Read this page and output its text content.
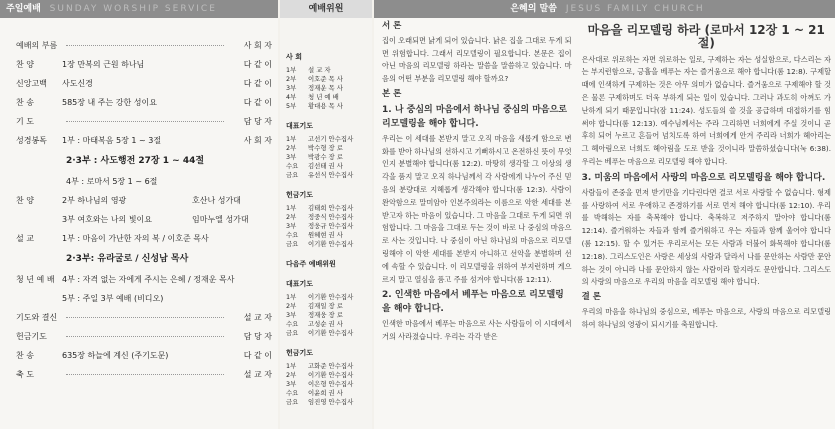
주일예배 SUNDAY WORSHIP SERVICE
예배의 부름	사 회 자
찬 양	1장 만복의 근원 하나님	다 같 이
신앙고백	사도신경	다 같 이
찬 송	585장 내 주는 강한 성이요	다 같 이
기 도	담 당 자
성경봉독	1부 : 마태복음 5장 1 ~ 3절	사 회 자
2·3부 : 사도행전 27장 1 ~ 44절
4부 : 로마서 5장 1 ~ 6절
찬 양	2부 하나님의 영광	호산나 성가대
3부 여호와는 나의 빛이요	임마누엘 성가대
설 교	1부 : 마음이 가난한 자의 복 / 이호준 목사
2·3부: 유라굴로 / 신성남 목사
청 년 예 배 4부 : 자격 없는 자에게 주시는 은혜 / 정재운 목사
5부 : 주일 3부 예배 (비디오)
기도와 결신	설 교 자
헌금기도	담 당 자
찬 송	635장 하늘에 계신 (주기도문)	다 같 이
축 도	설 교 자
예배위원
사 회
1부	설 교 자
2부	이호준 목 사
3부	정재운 목 사
4부	청 년 예 배
5부	황대용 목 사
대표기도
1부	고선기 안수집사
2부	박수형 장 로
3부	박광수 장 로
수요	김선태 권 사
금요	유선식 안수집사
헌금기도
1부	김태희 안수집사
2부	정중식 안수집사
3부	정웅규 안수집사
수요	원혜현 권 사
금요	이기환 안수집사
다음주 예배위원
대표기도
1부	이기환 안수집사
2부	김재일 장 로
3부	정재웅 장 로
수요	고성순 권 사
금요	이기환 안수집사
헌금기도
1부	고화준 안수집사
2부	이기환 안수집사
3부	이은형 안수집사
수요	이윤희 권 사
금요	임진영 안수집사
은혜의 말씀 JESUS FAMILY CHURCH
서 론

집이 오래되면 낡게 되어 있습니다. 낡은 집을 그대로 두게 되면 위험합니다. 그래서 리모델링이 필요합니다. 본문은 집이 아닌 마음의 리모델링 하라는 말씀을 말씀하고 있습니다. 마음의 어떤 부분을 리모델링 해야 할까요?

본 론
1. 나 중심의 마음에서 하나님 중심의 마음으로 리모델링을 해야 합니다.

우리는 이 세대를 본받지 말고 오직 마음을 새롭게 함으로 변화를 받아 하나님의 선하시고 기뻐하시고 온전하신 뜻이 무엇인지 분별해야 합니다(롬 12:2). 마땅히 생각할 그 이상의 생각을 품지 말고 오직 하나님께서 각 사람에게 나누어 주신 믿음의 분량대로 지혜롭게 생각해야 합니다(롬 12:3). 사람이 완악함으로 말미암아 인본주의라는 이름으로 악한 세대를 본받고자 하는 마음이 있습니다. 그 마음을 그대로 두게 되면 위험합니다. 그 마음을 그대로 두는 것이 바로 나 중심의 마음으로 사는 것입니다. 나 중심이 아닌 하나님의 마음으로 리모델링해야 이 악한 세대를 본받지 아니하고 선악을 분별하며 선에 속할 수 있습니다. 이 리모델링을 위하여 부지런하며 게으르지 말고 열심을 품고 주를 섬겨야 합니다(롬 12:11).

2. 인색한 마음에서 베푸는 마음으로 리모델링을 해야 합니다.

인색한 마음에서 베푸는 마음으로 사는 사람들이 이 시대에서 거의 사라졌습니다. 우리는 각각 받은

마음을 리모델링 하라 (로마서 12장 1 ~ 21절)

은사대로 위로하는 자면 위로하는 일로, 구제하는 자는 성실함으로, 다스리는 자는 부지런함으로, 긍휼을 베푸는 자는 즐거움으로 해야 합니다(롬 12:8). 구제할 때에 인색하게 구제하는 것은 아무 의미가 없습니다. 즐거움으로 구제해야 할 것은 물론 구제하며도 더욱 부하게 되는 일이 있습니다. 그러나 과도히 아껴도 가난하게 되기 때문입니다(잠 11:24). 성도들의 쓸 것을 공급하며 대접하기를 힘써야 합니다(롬 12:13). 예수님께서는 주라 그리하면 너희에게 주실 것이니 곧 후히 되어 누르고 흔들어 넘치도록 하여 너희에게 안겨 주리라 너희가 헤아리는 그 헤아림으로 너희도 헤아림을 도로 받을 것이니라 말씀하셨습니다(눅 6:38). 우리는 베푸는 마음으로 리모델링 해야 합니다.

3. 미움의 마음에서 사랑의 마음으로 리모델링을 해야 합니다.

사람들이 존중을 먼저 받기만을 기다린다면 결코 서로 사랑할 수 없습니다. 형제를 사랑하여 서로 우애하고 존경하기를 서로 먼저 해야 합니다(롬 12:10). 우리를 박해하는 자를 축복해야 합니다. 축복하고 저주하지 말아야 합니다(롬 12:14). 즐거워하는 자들과 함께 즐거워하고 우는 자들과 함께 울어야 합니다(롬 12:15). 할 수 있거든 우리로서는 모든 사람과 더불어 화목해야 합니다(롬 12:18). 그리스도인은 사랑은 세상의 사람과 달라서 나를 문안하는 사람만 문안하는 것이 아니라 나를 문안하지 않는 사람이라 할지라도 문안합니다. 그리스도의 사랑의 마음으로 우리의 마음을 리모델링 해야 합니다.

결 론

우리의 마음을 하나님의 중심으로, 베푸는 마음으로, 사랑의 마음으로 리모델링하여 하나님의 영광이 되시기를 축원합니다.
